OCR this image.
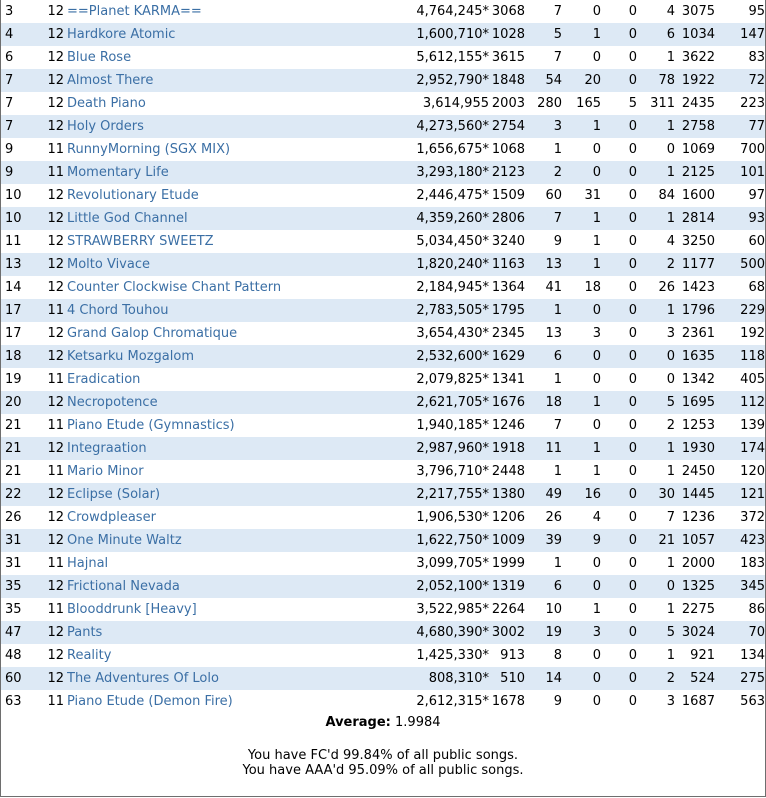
3	12	==Planet KARMA==	4,764,245*	3068	7	0	0	4	3075	95
4	12	Hardkore Atomic	1,600,710*	1028	5	1	0	6	1034	147
6	12	Blue Rose	5,612,155*	3615	7	0	0	1	3622	83
7	12	Almost There	2,952,790*	1848	54	20	0	78	1922	72
7	12	Death Piano	3,614,955	2003	280	165	5	311	2435	223
7	12	Holy Orders	4,273,560*	2754	3	1	0	1	2758	77
9	11	RunnyMorning (SGX MIX)	1,656,675*	1068	1	0	0	0	1069	700
9	11	Momentary Life	3,293,180*	2123	2	0	0	1	2125	101
10	12	Revolutionary Etude	2,446,475*	1509	60	31	0	84	1600	97
10	12	Little God Channel	4,359,260*	2806	7	1	0	1	2814	93
11	12	STRAWBERRY SWEETZ	5,034,450*	3240	9	1	0	4	3250	60
13	12	Molto Vivace	1,820,240*	1163	13	1	0	2	1177	500
14	12	Counter Clockwise Chant Pattern	2,184,945*	1364	41	18	0	26	1423	68
17	11	4 Chord Touhou	2,783,505*	1795	1	0	0	1	1796	229
17	12	Grand Galop Chromatique	3,654,430*	2345	13	3	0	3	2361	192
18	12	Ketsarku Mozgalom	2,532,600*	1629	6	0	0	0	1635	118
19	11	Eradication	2,079,825*	1341	1	0	0	0	1342	405
20	12	Necropotence	2,621,705*	1676	18	1	0	5	1695	112
21	11	Piano Etude (Gymnastics)	1,940,185*	1246	7	0	0	2	1253	139
21	12	Integraation	2,987,960*	1918	11	1	0	1	1930	174
21	11	Mario Minor	3,796,710*	2448	1	1	0	1	2450	120
22	12	Eclipse (Solar)	2,217,755*	1380	49	16	0	30	1445	121
26	12	Crowdpleaser	1,906,530*	1206	26	4	0	7	1236	372
31	12	One Minute Waltz	1,622,750*	1009	39	9	0	21	1057	423
31	11	Hajnal	3,099,705*	1999	1	0	0	1	2000	183
35	12	Frictional Nevada	2,052,100*	1319	6	0	0	0	1325	345
35	11	Blooddrunk [Heavy]	3,522,985*	2264	10	1	0	1	2275	86
47	12	Pants	4,680,390*	3002	19	3	0	5	3024	70
48	12	Reality	1,425,330*	913	8	0	0	1	921	134
60	12	The Adventures Of Lolo	808,310*	510	14	0	0	2	524	275
63	11	Piano Etude (Demon Fire)	2,612,315*	1678	9	0	0	3	1687	563
Average: 1.9984
You have FC'd 99.84% of all public songs.
You have AAA'd 95.09% of all public songs.
